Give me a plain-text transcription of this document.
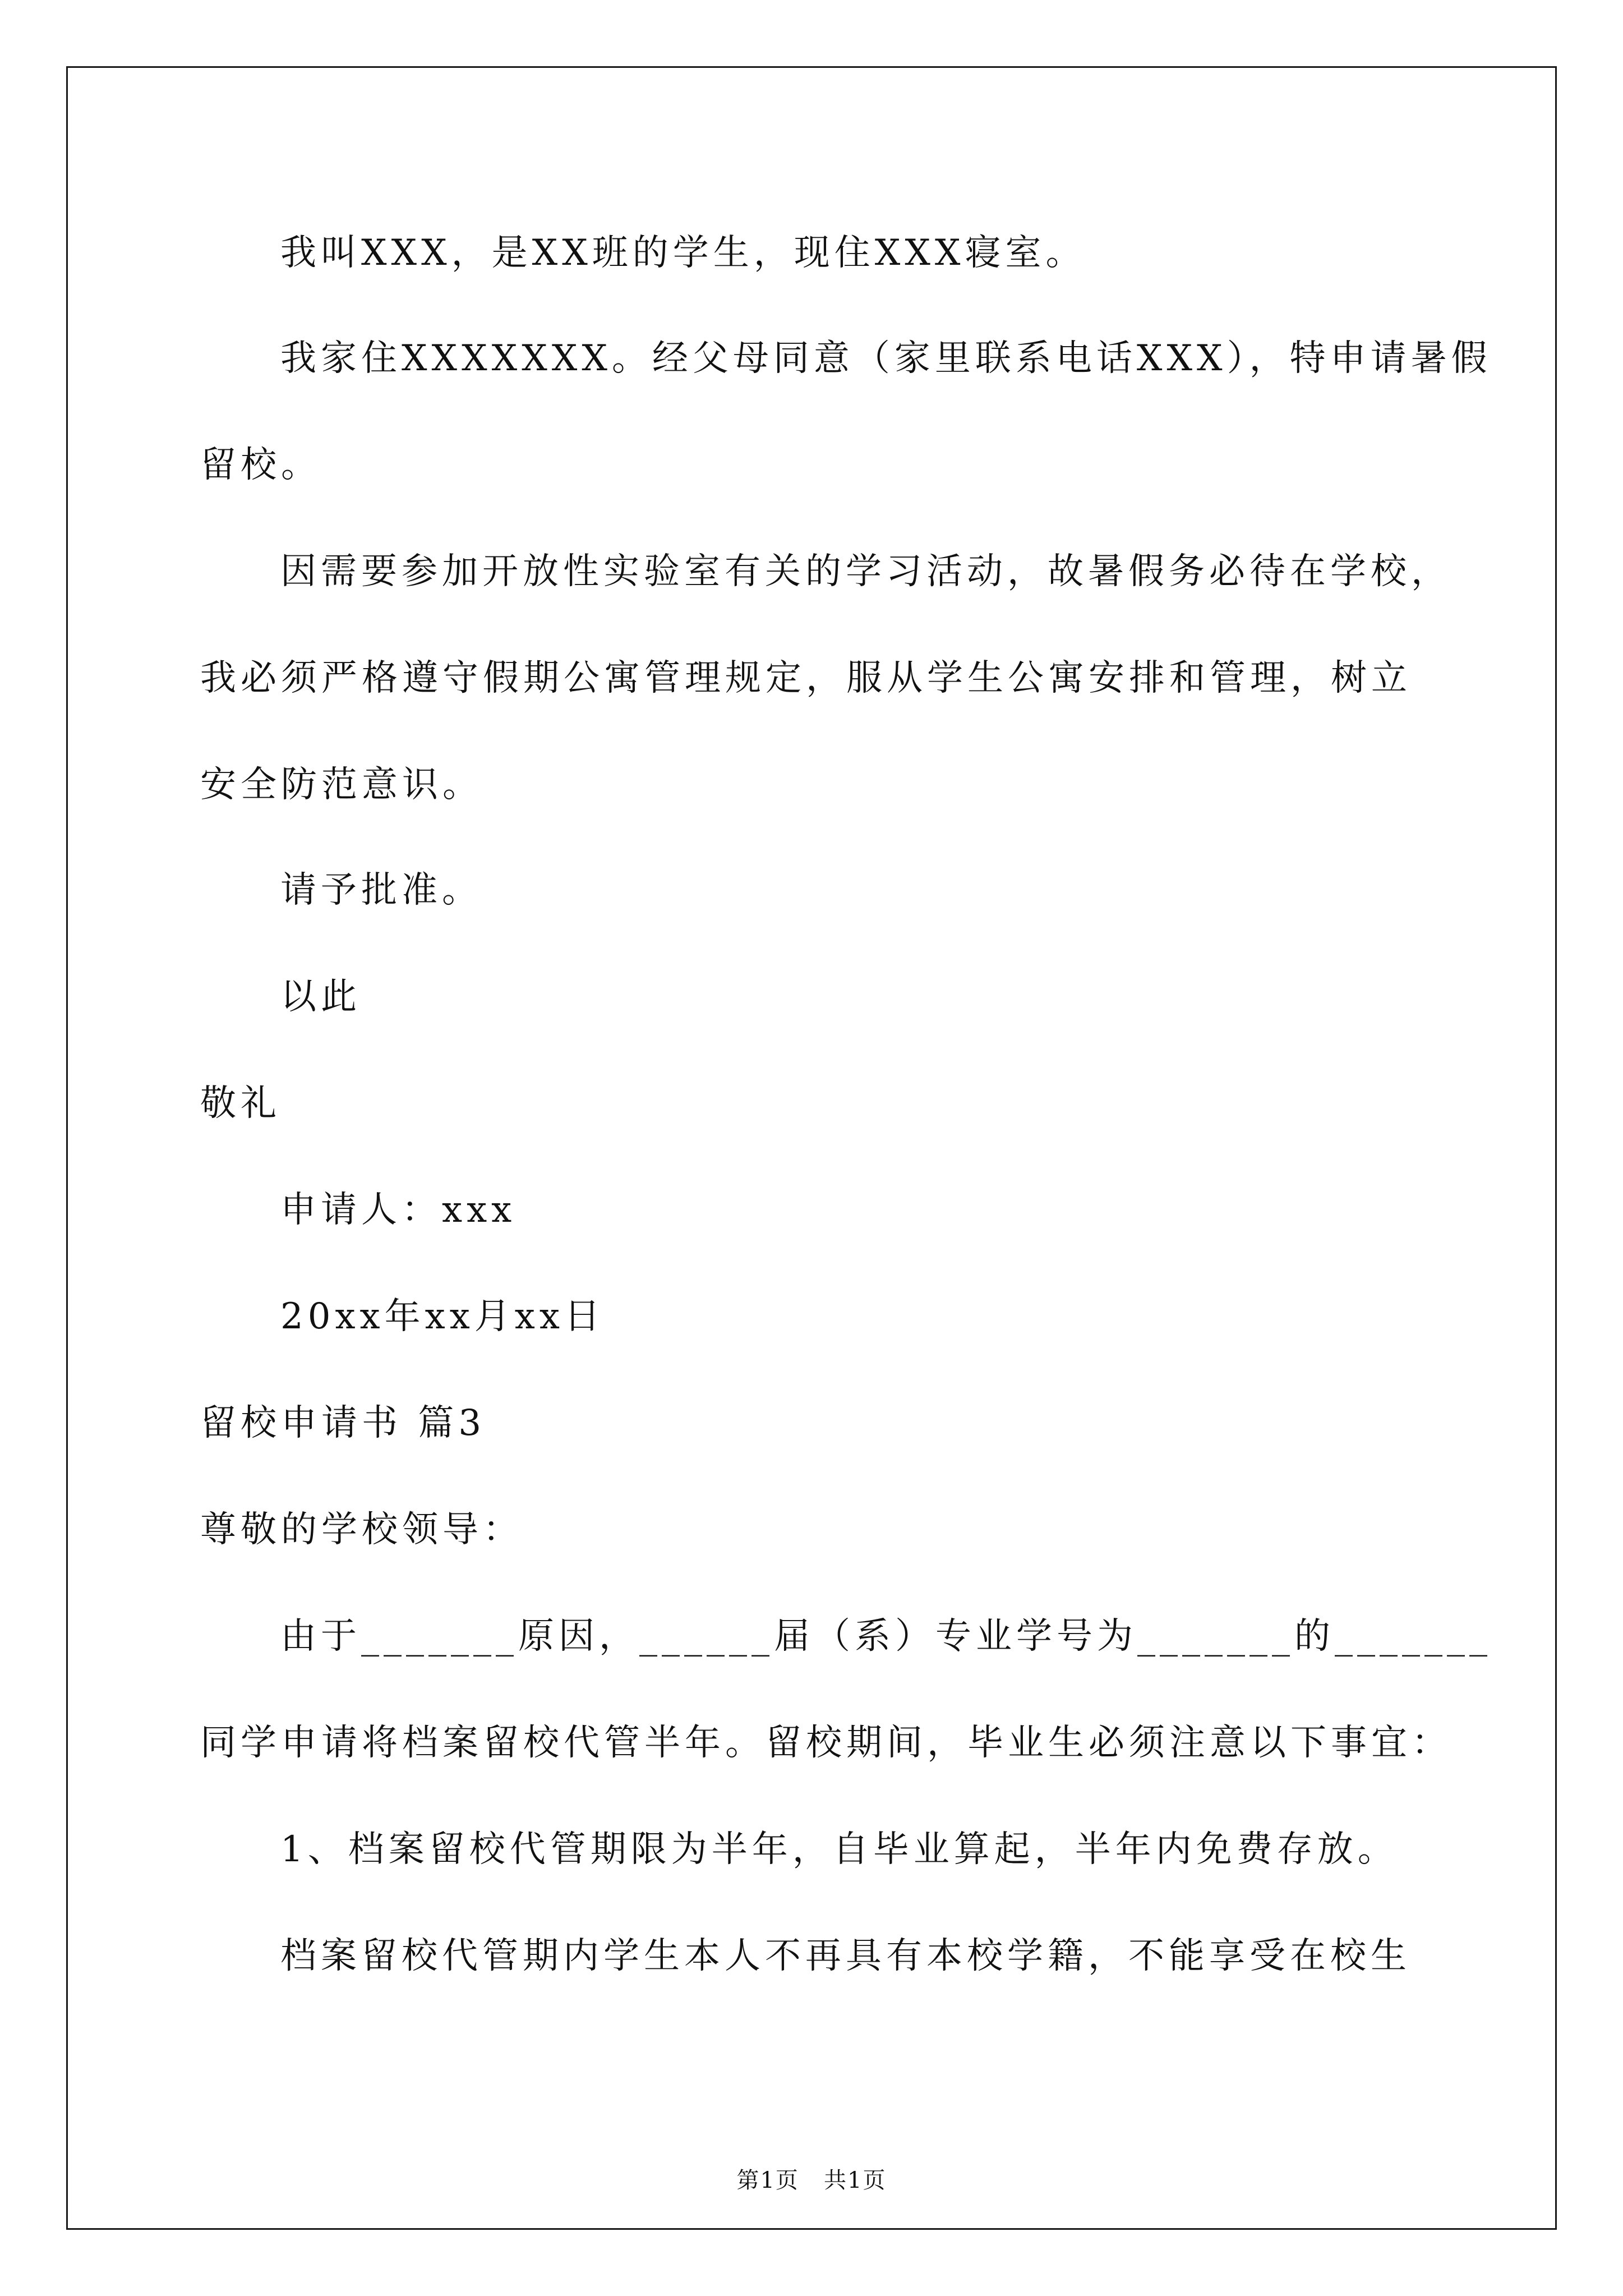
我叫XXX，是XX班的学生，现住XXX寝室。

我家住XXXXXXX。经父母同意（家里联系电话XXX），特申请暑假

留校。

因需要参加开放性实验室有关的学习活动，故暑假务必待在学校，

我必须严格遵守假期公寓管理规定，服从学生公寓安排和管理，树立

安全防范意识。

请予批准。

以此

敬礼

申请人：xxx

20xx年xx月xx日

留校申请书 篇3

尊敬的学校领导：

由于_______原因，______届（系）专业学号为_______的_______

同学申请将档案留校代管半年。留校期间，毕业生必须注意以下事宜：

1、档案留校代管期限为半年，自毕业算起，半年内免费存放。

档案留校代管期内学生本人不再具有本校学籍，不能享受在校生

第1页   共1页
